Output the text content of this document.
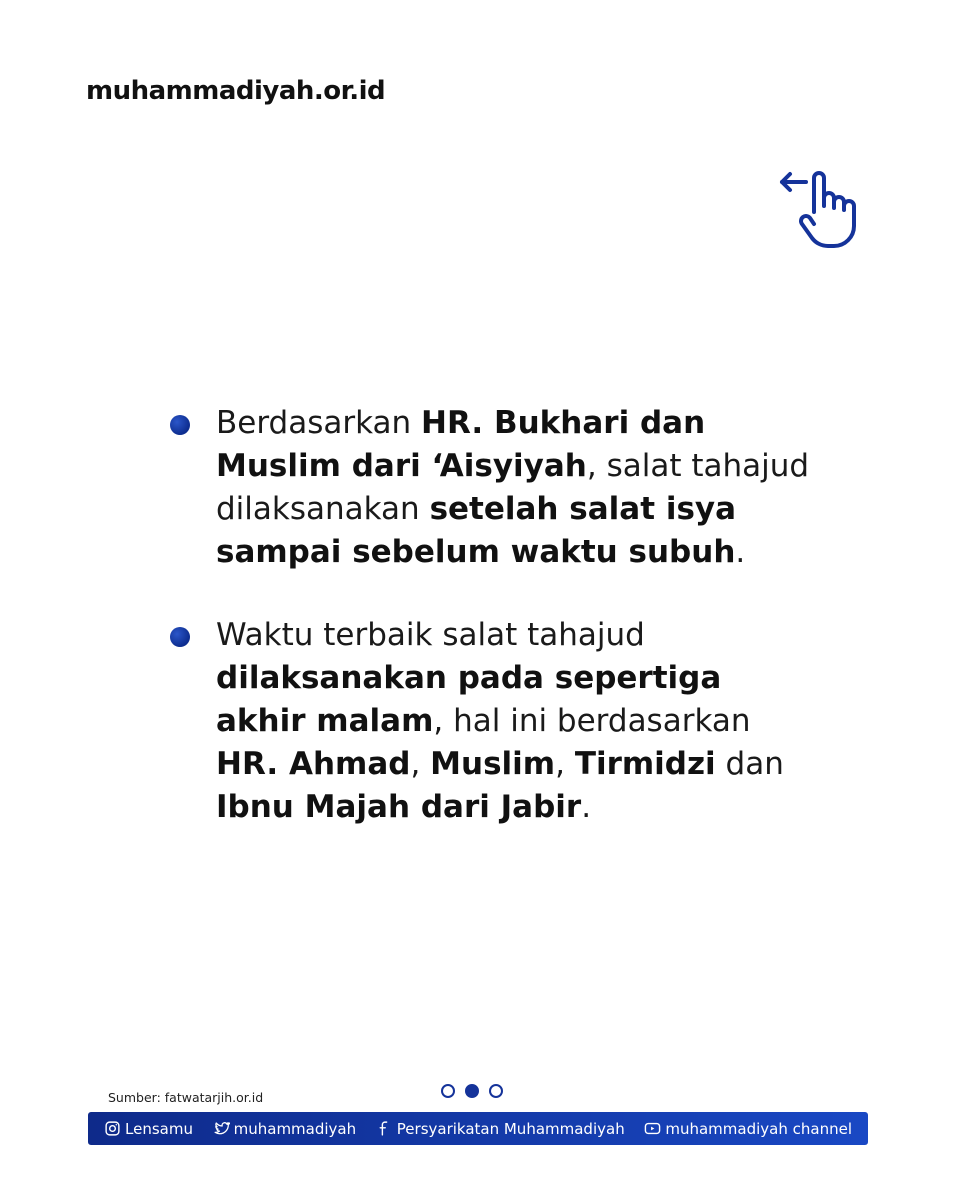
muhammadiyah.or.id
Berdasarkan HR. Bukhari dan Muslim dari ‘Aisyiyah, salat tahajud dilaksanakan setelah salat isya sampai sebelum waktu subuh.
Waktu terbaik salat tahajud dilaksanakan pada sepertiga akhir malam, hal ini berdasarkan HR. Ahmad, Muslim, Tirmidzi dan Ibnu Majah dari Jabir.
Sumber: fatwatarjih.or.id
Lensamu	muhammadiyah	Persyarikatan Muhammadiyah	muhammadiyah channel
